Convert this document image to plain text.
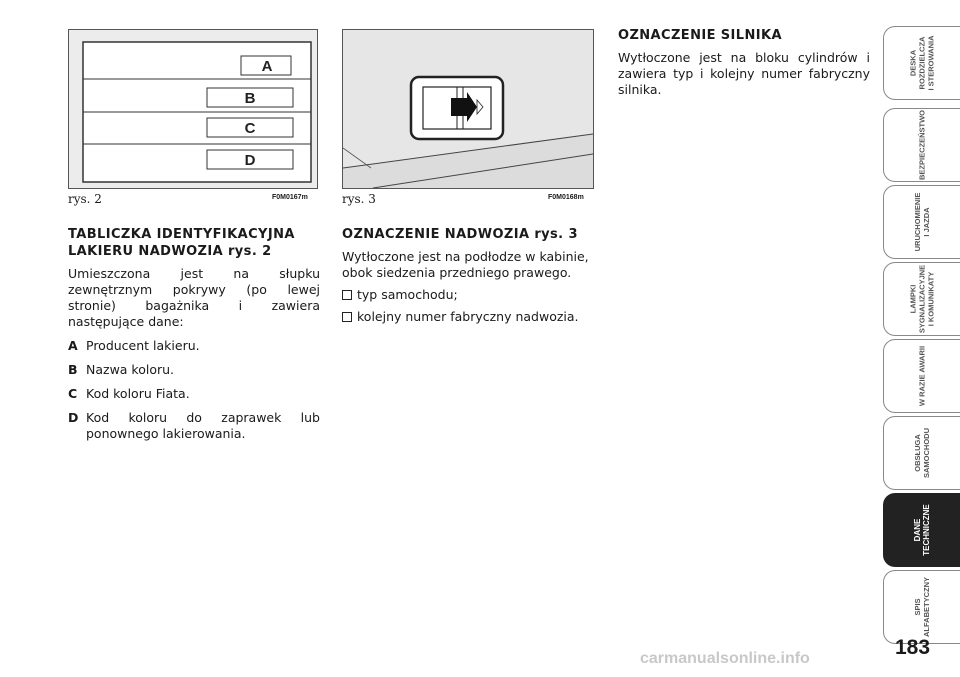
A
B
C
D
rys. 2	F0M0167m	rys. 3	F0M0168m
TABLICZKA IDENTYFIKACYJNA LAKIERU NADWOZIA rys. 2
Umieszczona jest na słupku zewnętrznym pokrywy (po lewej stronie) bagażnika i zawiera następujące dane:
A Producent lakieru.
B Nazwa koloru.
C Kod koloru Fiata.
D Kod koloru do zaprawek lub ponownego lakierowania.
OZNACZENIE NADWOZIA rys. 3
Wytłoczone jest na podłodze w kabinie, obok siedzenia przedniego prawego.
typ samochodu;
kolejny numer fabryczny nadwozia.
OZNACZENIE SILNIKA
Wytłoczone jest na bloku cylindrów i zawiera typ i kolejny numer fabryczny silnika.
DESKA
ROZDZIELCZA
I STEROWANIA
BEZPIECZEŃSTWO
URUCHOMIENIE
I JAZDA
LAMPKI
SYGNALIZACYJNE
I KOMUNIKATY
W RAZIE AWARII
OBSŁUGA
SAMOCHODU
DANE
TECHNICZNE
SPIS
ALFABETYCZNY
183
carmanualsonline.info
